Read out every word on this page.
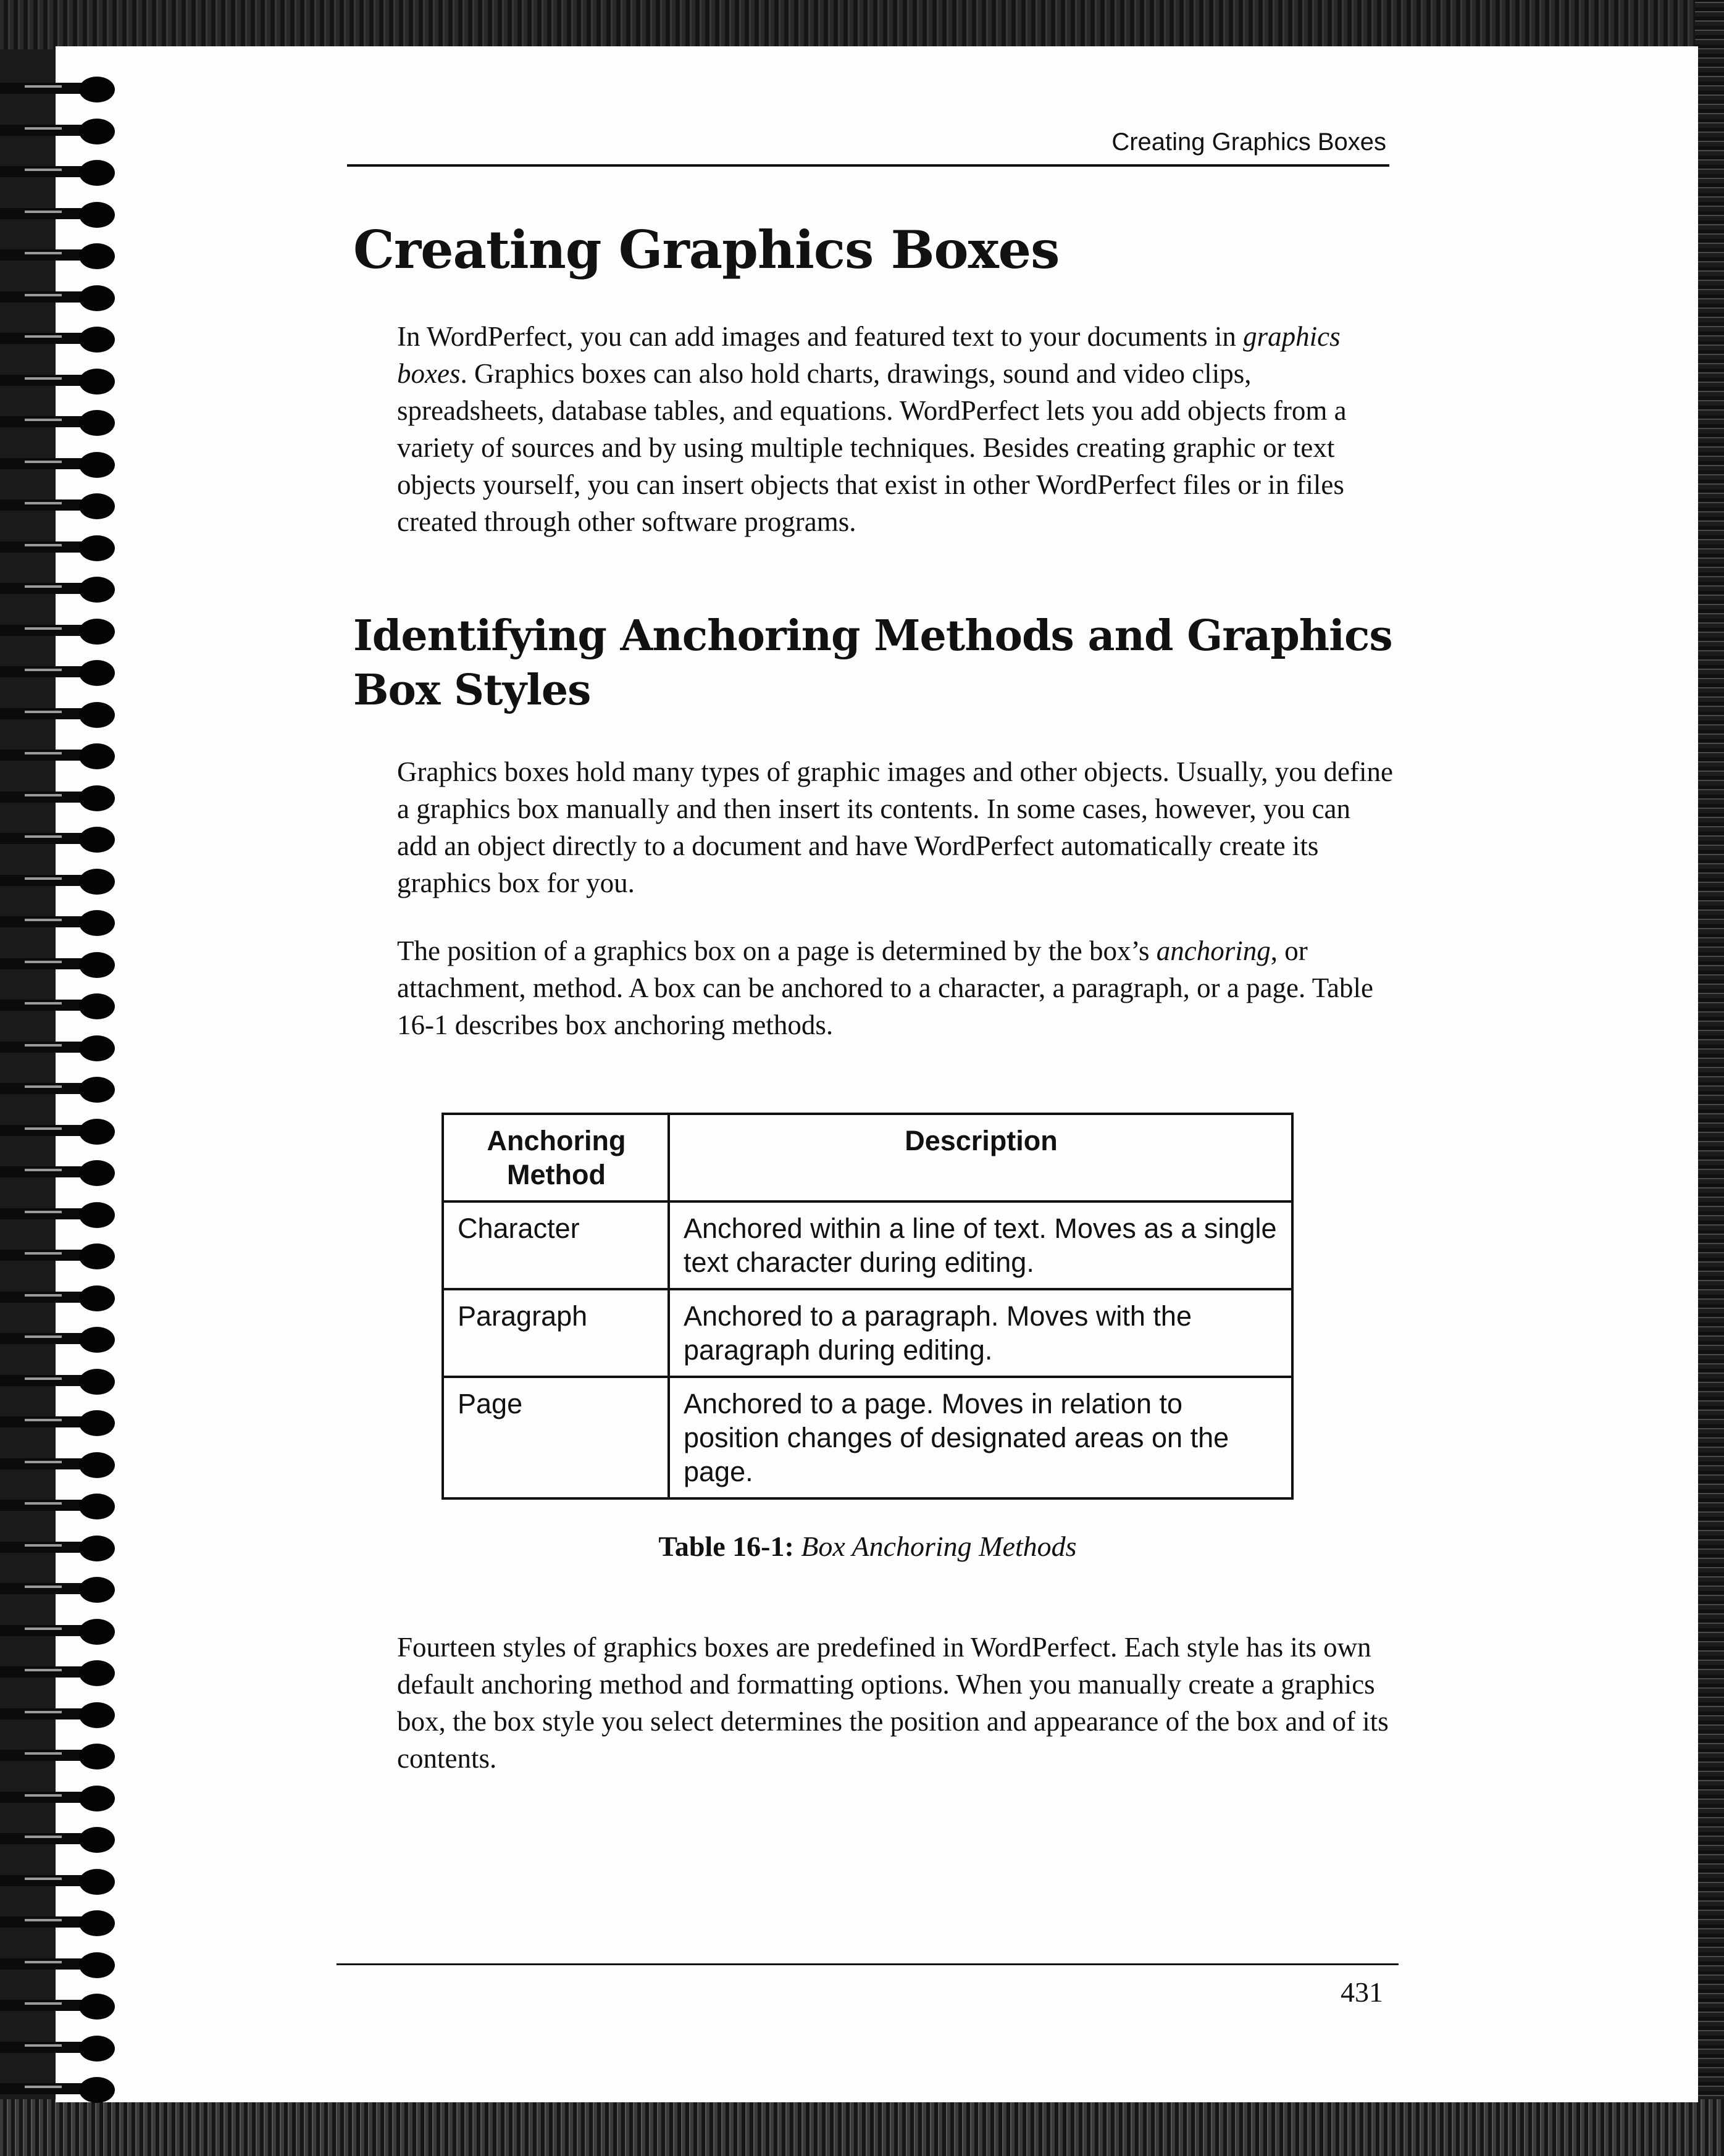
Creating Graphics Boxes
Creating Graphics Boxes

In WordPerfect, you can add images and featured text to your documents in graphics boxes. Graphics boxes can also hold charts, drawings, sound and video clips, spreadsheets, database tables, and equations. WordPerfect lets you add objects from a variety of sources and by using multiple techniques. Besides creating graphic or text objects yourself, you can insert objects that exist in other WordPerfect files or in files created through other software programs.

Identifying Anchoring Methods and Graphics Box Styles

Graphics boxes hold many types of graphic images and other objects. Usually, you define a graphics box manually and then insert its contents. In some cases, however, you can add an object directly to a document and have WordPerfect automatically create its graphics box for you.

The position of a graphics box on a page is determined by the box’s anchoring, or attachment, method. A box can be anchored to a character, a paragraph, or a page. Table 16-1 describes box anchoring methods.

Anchoring Method	Description
Character	Anchored within a line of text. Moves as a single text character during editing.
Paragraph	Anchored to a paragraph. Moves with the paragraph during editing.
Page	Anchored to a page. Moves in relation to position changes of designated areas on the page.
Table 16-1: Box Anchoring Methods

Fourteen styles of graphics boxes are predefined in WordPerfect. Each style has its own default anchoring method and formatting options. When you manually create a graphics box, the box style you select determines the position and appearance of the box and of its contents.

431
